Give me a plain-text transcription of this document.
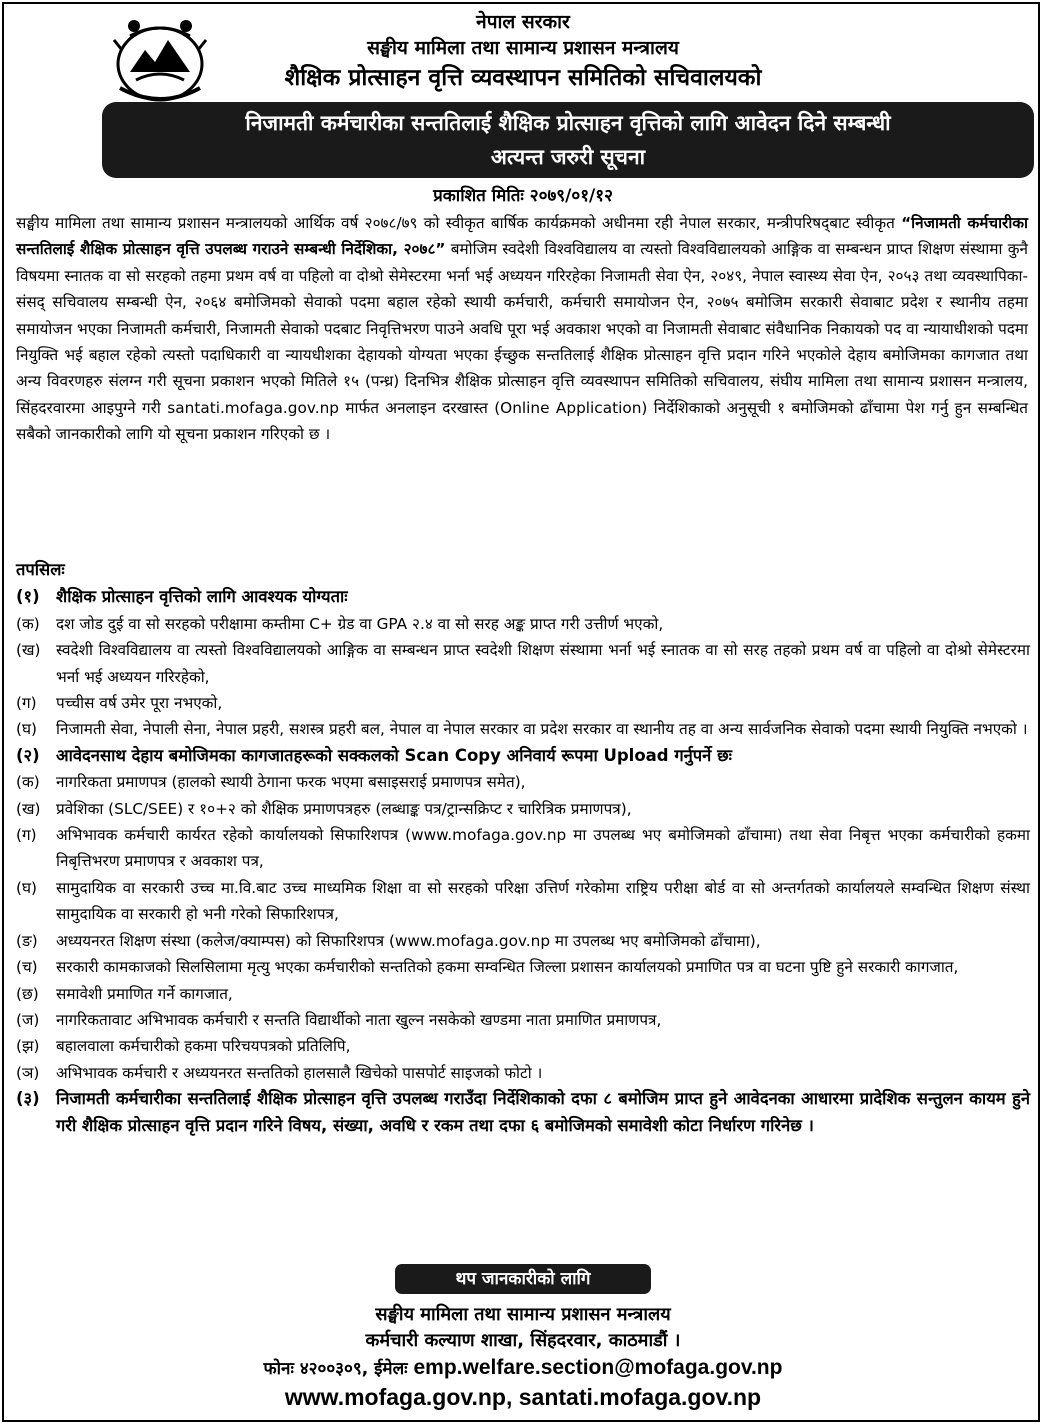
नेपाल सरकार
सङ्घीय मामिला तथा सामान्य प्रशासन मन्त्रालय
शैक्षिक प्रोत्साहन वृत्ति व्यवस्थापन समितिको सचिवालयको
निजामती कर्मचारीका सन्ततिलाई शैक्षिक प्रोत्साहन वृत्तिको लागि आवेदन दिने सम्बन्धी
अत्यन्त जरुरी सूचना
प्रकाशित मितिः २०७९/०१/१२
सङ्घीय मामिला तथा सामान्य प्रशासन मन्त्रालयको आर्थिक वर्ष २०७८/७९ को स्वीकृत बार्षिक कार्यक्रमको अधीनमा रही नेपाल सरकार, मन्त्रीपरिषद्‌बाट स्वीकृत “निजामती कर्मचारीका सन्ततिलाई शैक्षिक प्रोत्साहन वृत्ति उपलब्ध गराउने सम्बन्धी निर्देशिका, २०७८” बमोजिम स्वदेशी विश्वविद्यालय वा त्यस्तो विश्वविद्यालयको आङ्गिक वा सम्बन्धन प्राप्त शिक्षण संस्थामा कुनै विषयमा स्नातक वा सो सरहको तहमा प्रथम वर्ष वा पहिलो वा दोश्रो सेमेस्टरमा भर्ना भई अध्ययन गरिरहेका निजामती सेवा ऐन, २०४९, नेपाल स्वास्थ्य सेवा ऐन, २०५३ तथा व्यवस्थापिका-संसद् सचिवालय सम्बन्धी ऐन, २०६४ बमोजिमको सेवाको पदमा बहाल रहेको स्थायी कर्मचारी, कर्मचारी समायोजन ऐन, २०७५ बमोजिम सरकारी सेवाबाट प्रदेश र स्थानीय तहमा समायोजन भएका निजामती कर्मचारी, निजामती सेवाको पदबाट निवृत्तिभरण पाउने अवधि पूरा भई अवकाश भएको वा निजामती सेवाबाट संवैधानिक निकायको पद वा न्यायाधीशको पदमा नियुक्ति भई बहाल रहेको त्यस्तो पदाधिकारी वा न्यायधीशका देहायको योग्यता भएका ईच्छुक सन्ततिलाई शैक्षिक प्रोत्साहन वृत्ति प्रदान गरिने भएकोले देहाय बमोजिमका कागजात तथा अन्य विवरणहरु संलग्न गरी सूचना प्रकाशन भएको मितिले १५ (पन्ध्र) दिनभित्र शैक्षिक प्रोत्साहन वृत्ति व्यवस्थापन समितिको सचिवालय, संघीय मामिला तथा सामान्य प्रशासन मन्त्रालय, सिंहदरवारमा आइपुग्ने गरी santati.mofaga.gov.np मार्फत अनलाइन दरखास्त (Online Application) निर्देशिकाको अनुसूची १ बमोजिमको ढाँचामा पेश गर्नु हुन सम्बन्धित सबैको जानकारीको लागि यो सूचना प्रकाशन गरिएको छ ।
तपसिलः
(१) शैक्षिक प्रोत्साहन वृत्तिको लागि आवश्यक योग्यताः
(क)	दश जोड दुई वा सो सरहको परीक्षामा कम्तीमा C+ ग्रेड वा GPA २.४ वा सो सरह अङ्क प्राप्त गरी उत्तीर्ण भएको,
(ख)	स्वदेशी विश्वविद्यालय वा त्यस्तो विश्वविद्यालयको आङ्गिक वा सम्बन्धन प्राप्त स्वदेशी शिक्षण संस्थामा भर्ना भई स्नातक वा सो सरह तहको प्रथम वर्ष वा पहिलो वा दोश्रो सेमेस्टरमा भर्ना भई अध्ययन गरिरहेको,
(ग)	पच्चीस वर्ष उमेर पूरा नभएको,
(घ)	निजामती सेवा, नेपाली सेना, नेपाल प्रहरी, सशस्त्र प्रहरी बल, नेपाल वा नेपाल सरकार वा प्रदेश सरकार वा स्थानीय तह वा अन्य सार्वजनिक सेवाको पदमा स्थायी नियुक्ति नभएको ।
(२) आवेदनसाथ देहाय बमोजिमका कागजातहरूको सक्कलको Scan Copy अनिवार्य रूपमा Upload गर्नुपर्ने छः
(क)	नागरिकता प्रमाणपत्र (हालको स्थायी ठेगाना फरक भएमा बसाइसराई प्रमाणपत्र समेत),
(ख)	प्रवेशिका (SLC/SEE) र १०+२ को शैक्षिक प्रमाणपत्रहरु (लब्धाङ्क पत्र/ट्रान्सक्रिप्ट र चारित्रिक प्रमाणपत्र),
(ग)	अभिभावक कर्मचारी कार्यरत रहेको कार्यालयको सिफारिशपत्र (www.mofaga.gov.np मा उपलब्ध भए बमोजिमको ढाँचामा) तथा सेवा निबृत्त भएका कर्मचारीको हकमा निबृत्तिभरण प्रमाणपत्र र अवकाश पत्र,
(घ)	सामुदायिक वा सरकारी उच्च मा.वि.बाट उच्च माध्यमिक शिक्षा वा सो सरहको परिक्षा उत्तिर्ण गरेकोमा राष्ट्रिय परीक्षा बोर्ड वा सो अन्तर्गतको कार्यालयले सम्वन्धित शिक्षण संस्था सामुदायिक वा सरकारी हो भनी गरेको सिफारिशपत्र,
(ङ)	अध्ययनरत शिक्षण संस्था (कलेज/क्याम्पस) को सिफारिशपत्र (www.mofaga.gov.np मा उपलब्ध भए बमोजिमको ढाँचामा),
(च)	सरकारी कामकाजको सिलसिलामा मृत्यु भएका कर्मचारीको सन्ततिको हकमा सम्वन्धित जिल्ला प्रशासन कार्यालयको प्रमाणित पत्र वा घटना पुष्टि हुने सरकारी कागजात,
(छ)	समावेशी प्रमाणित गर्ने कागजात,
(ज)	नागरिकतावाट अभिभावक कर्मचारी र सन्तति विद्यार्थीको नाता खुल्न नसकेको खण्डमा नाता प्रमाणित प्रमाणपत्र,
(झ)	बहालवाला कर्मचारीको हकमा परिचयपत्रको प्रतिलिपि,
(ञ)	अभिभावक कर्मचारी र अध्ययनरत सन्ततिको हालसालै खिचेको पासपोर्ट साइजको फोटो ।
(३) निजामती कर्मचारीका सन्ततिलाई शैक्षिक प्रोत्साहन वृत्ति उपलब्ध गराउँदा निर्देशिकाको दफा ८ बमोजिम प्राप्त हुने आवेदनका आधारमा प्रादेशिक सन्तुलन कायम हुने गरी शैक्षिक प्रोत्साहन वृत्ति प्रदान गरिने विषय, संख्या, अवधि र रकम तथा दफा ६ बमोजिमको समावेशी कोटा निर्धारण गरिनेछ ।
थप जानकारीको लागि
सङ्घीय मामिला तथा सामान्य प्रशासन मन्त्रालय
कर्मचारी कल्याण शाखा, सिंहदरवार, काठमाडौं ।
फोनः ४२००३०९, ईमेलः emp.welfare.section@mofaga.gov.np
www.mofaga.gov.np, santati.mofaga.gov.np
